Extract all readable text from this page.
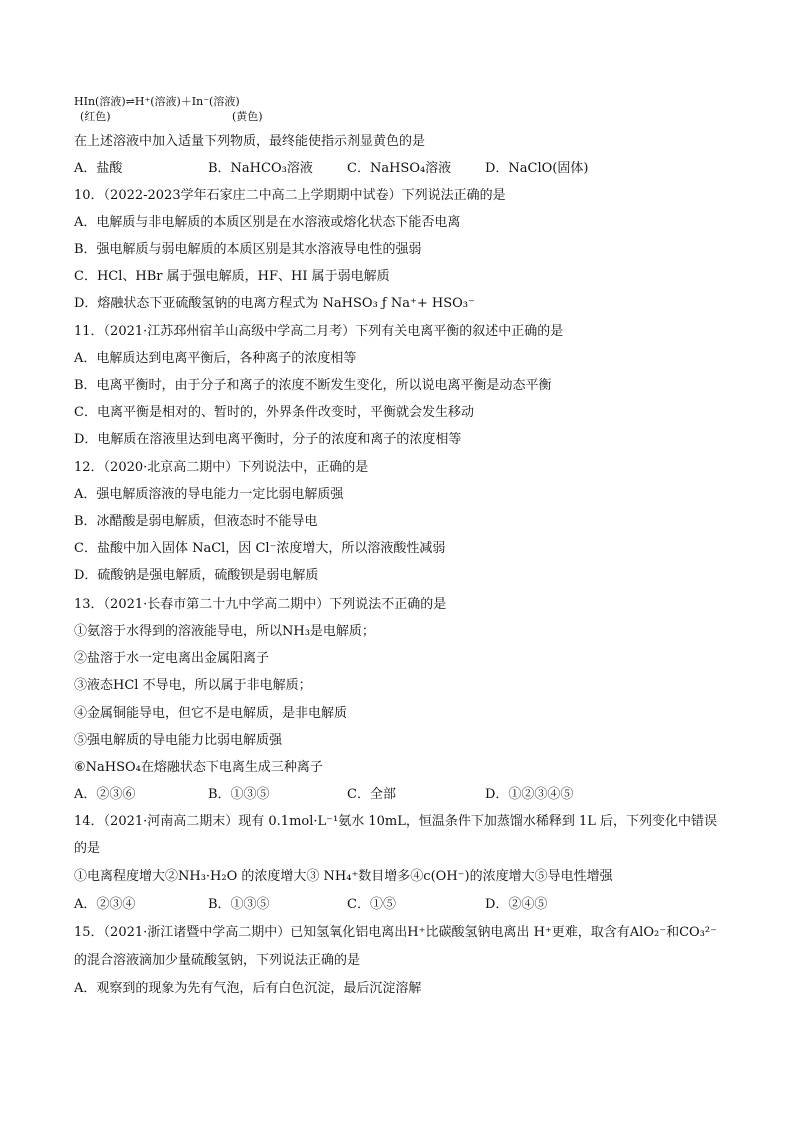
HIn(溶液)⇌H⁺(溶液)＋In⁻(溶液)
(红色)	(黄色)
在上述溶液中加入适量下列物质，最终能使指示剂显黄色的是
A．盐酸	B．NaHCO₃溶液	C．NaHSO₄溶液	D．NaClO(固体)
10．（2022-2023学年石家庄二中高二上学期期中试卷）下列说法正确的是
A．电解质与非电解质的本质区别是在水溶液或熔化状态下能否电离
B．强电解质与弱电解质的本质区别是其水溶液导电性的强弱
C．HCl、HBr 属于强电解质，HF、HI 属于弱电解质
D．熔融状态下亚硫酸氢钠的电离方程式为 NaHSO₃ ƒ Na⁺+ HSO₃⁻
11．（2021·江苏邳州宿羊山高级中学高二月考）下列有关电离平衡的叙述中正确的是
A．电解质达到电离平衡后，各种离子的浓度相等
B．电离平衡时，由于分子和离子的浓度不断发生变化，所以说电离平衡是动态平衡
C．电离平衡是相对的、暂时的，外界条件改变时，平衡就会发生移动
D．电解质在溶液里达到电离平衡时，分子的浓度和离子的浓度相等
12．（2020·北京高二期中）下列说法中，正确的是
A．强电解质溶液的导电能力一定比弱电解质强
B．冰醋酸是弱电解质，但液态时不能导电
C．盐酸中加入固体 NaCl，因 Cl⁻浓度增大，所以溶液酸性减弱
D．硫酸钠是强电解质，硫酸钡是弱电解质
13．（2021·长春市第二十九中学高二期中）下列说法不正确的是
①氨溶于水得到的溶液能导电，所以NH₃是电解质；
②盐溶于水一定电离出金属阳离子
③液态HCl 不导电，所以属于非电解质；
④金属铜能导电，但它不是电解质，是非电解质
⑤强电解质的导电能力比弱电解质强
⑥NaHSO₄在熔融状态下电离生成三种离子
A．②③⑥	B．①③⑤	C．全部	D．①②③④⑤
14．（2021·河南高二期末）现有 0.1mol·L⁻¹氨水 10mL，恒温条件下加蒸馏水稀释到 1L 后，下列变化中错误
的是
①电离程度增大②NH₃·H₂O 的浓度增大③ NH₄⁺数目增多④c(OH⁻)的浓度增大⑤导电性增强
A．②③④	B．①③⑤	C．①⑤	D．②④⑤
15．（2021·浙江诸暨中学高二期中）已知氢氧化铝电离出H⁺比碳酸氢钠电离出 H⁺更难，取含有AlO₂⁻和CO₃²⁻
的混合溶液滴加少量硫酸氢钠，下列说法正确的是
A．观察到的现象为先有气泡，后有白色沉淀，最后沉淀溶解
